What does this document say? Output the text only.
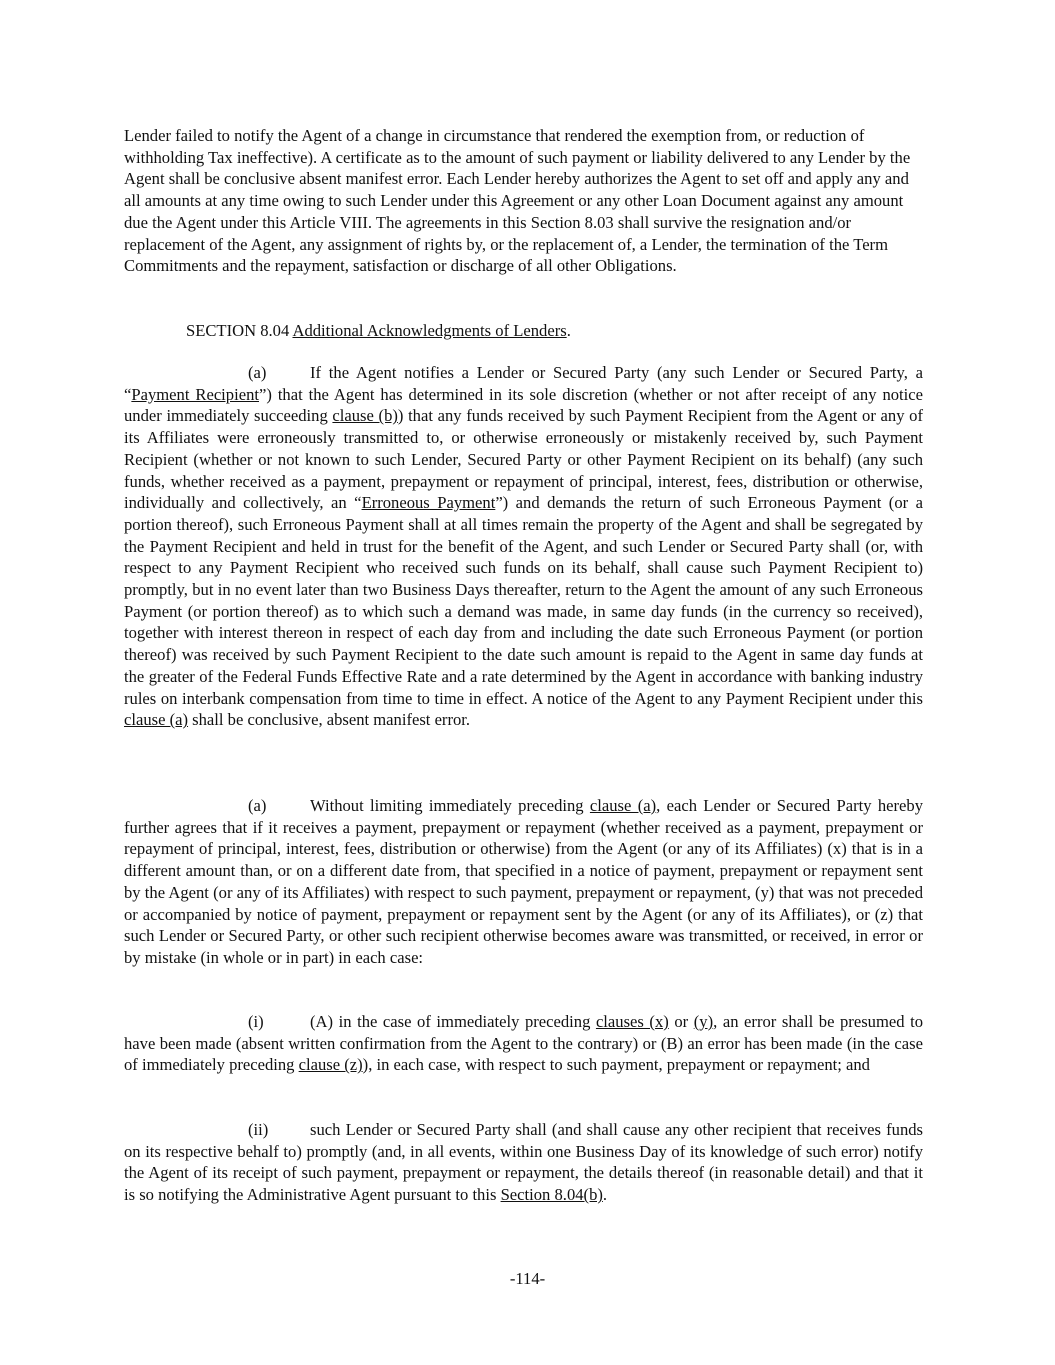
Lender failed to notify the Agent of a change in circumstance that rendered the exemption from, or reduction of withholding Tax ineffective). A certificate as to the amount of such payment or liability delivered to any Lender by the Agent shall be conclusive absent manifest error. Each Lender hereby authorizes the Agent to set off and apply any and all amounts at any time owing to such Lender under this Agreement or any other Loan Document against any amount due the Agent under this Article VIII. The agreements in this Section 8.03 shall survive the resignation and/or replacement of the Agent, any assignment of rights by, or the replacement of, a Lender, the termination of the Term Commitments and the repayment, satisfaction or discharge of all other Obligations.

SECTION 8.04 Additional Acknowledgments of Lenders.

(a)	If the Agent notifies a Lender or Secured Party (any such Lender or Secured Party, a “Payment Recipient”) that the Agent has determined in its sole discretion (whether or not after receipt of any notice under immediately succeeding clause (b)) that any funds received by such Payment Recipient from the Agent or any of its Affiliates were erroneously transmitted to, or otherwise erroneously or mistakenly received by, such Payment Recipient (whether or not known to such Lender, Secured Party or other Payment Recipient on its behalf) (any such funds, whether received as a payment, prepayment or repayment of principal, interest, fees, distribution or otherwise, individually and collectively, an “Erroneous Payment”) and demands the return of such Erroneous Payment (or a portion thereof), such Erroneous Payment shall at all times remain the property of the Agent and shall be segregated by the Payment Recipient and held in trust for the benefit of the Agent, and such Lender or Secured Party shall (or, with respect to any Payment Recipient who received such funds on its behalf, shall cause such Payment Recipient to) promptly, but in no event later than two Business Days thereafter, return to the Agent the amount of any such Erroneous Payment (or portion thereof) as to which such a demand was made, in same day funds (in the currency so received), together with interest thereon in respect of each day from and including the date such Erroneous Payment (or portion thereof) was received by such Payment Recipient to the date such amount is repaid to the Agent in same day funds at the greater of the Federal Funds Effective Rate and a rate determined by the Agent in accordance with banking industry rules on interbank compensation from time to time in effect. A notice of the Agent to any Payment Recipient under this clause (a) shall be conclusive, absent manifest error.

(a)	Without limiting immediately preceding clause (a), each Lender or Secured Party hereby further agrees that if it receives a payment, prepayment or repayment (whether received as a payment, prepayment or repayment of principal, interest, fees, distribution or otherwise) from the Agent (or any of its Affiliates) (x) that is in a different amount than, or on a different date from, that specified in a notice of payment, prepayment or repayment sent by the Agent (or any of its Affiliates) with respect to such payment, prepayment or repayment, (y) that was not preceded or accompanied by notice of payment, prepayment or repayment sent by the Agent (or any of its Affiliates), or (z) that such Lender or Secured Party, or other such recipient otherwise becomes aware was transmitted, or received, in error or by mistake (in whole or in part) in each case:

(i)	(A) in the case of immediately preceding clauses (x) or (y), an error shall be presumed to have been made (absent written confirmation from the Agent to the contrary) or (B) an error has been made (in the case of immediately preceding clause (z)), in each case, with respect to such payment, prepayment or repayment; and

(ii)	such Lender or Secured Party shall (and shall cause any other recipient that receives funds on its respective behalf to) promptly (and, in all events, within one Business Day of its knowledge of such error) notify the Agent of its receipt of such payment, prepayment or repayment, the details thereof (in reasonable detail) and that it is so notifying the Administrative Agent pursuant to this Section 8.04(b).

-114-
